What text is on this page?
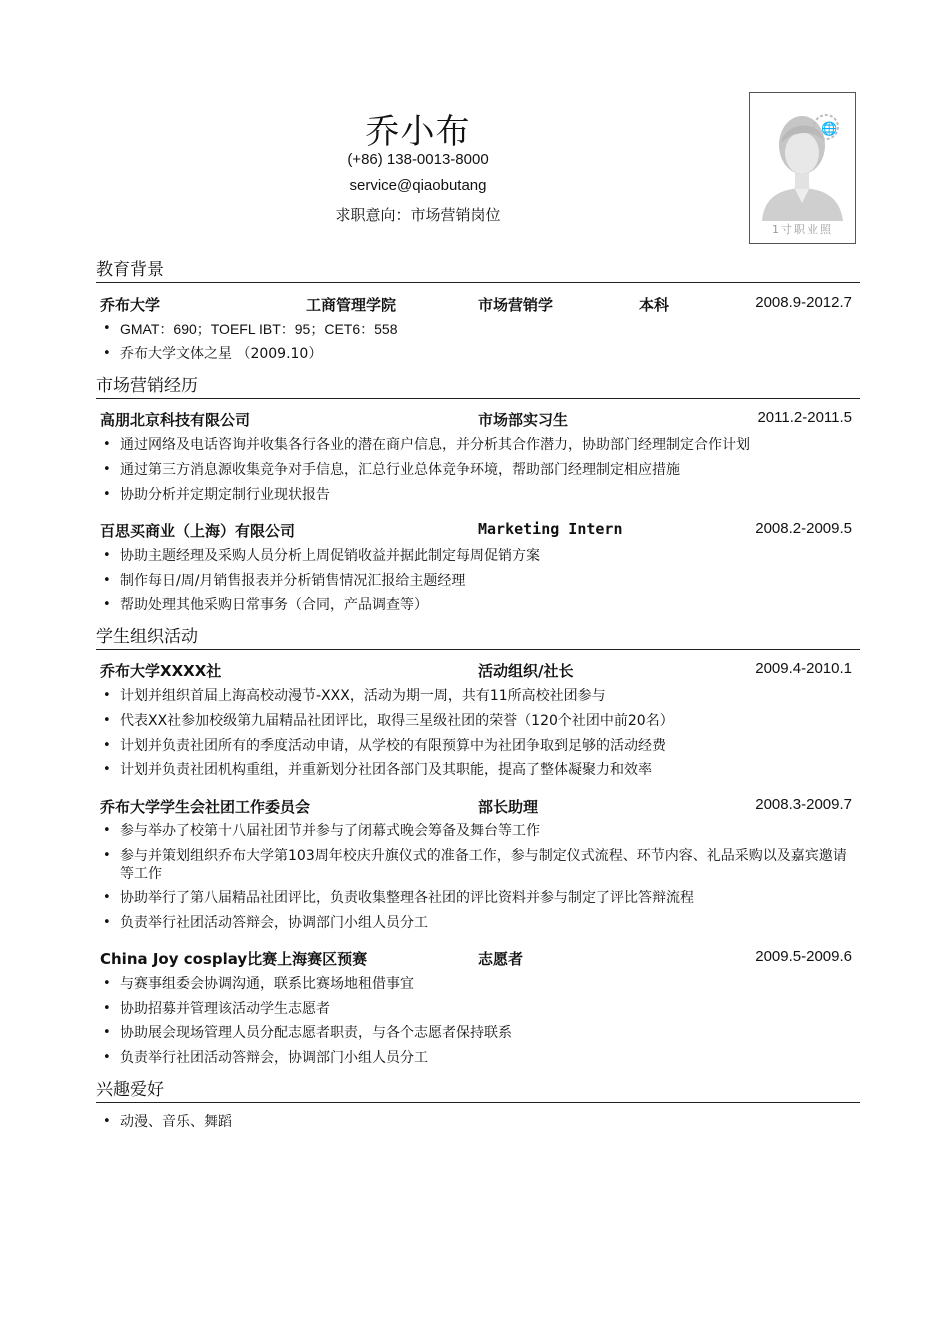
乔小布
(+86) 138-0013-8000
service@qiaobutang
求职意向：市场营销岗位
🌐
1寸职业照
教育背景
乔布大学	工商管理学院	市场营销学	本科	2008.9-2012.7
• GMAT：690；TOEFL IBT：95；CET6：558
• 乔布大学文体之星 （2009.10）
市场营销经历
高朋北京科技有限公司	市场部实习生	2011.2-2011.5
• 通过网络及电话咨询并收集各行各业的潜在商户信息，并分析其合作潜力，协助部门经理制定合作计划
• 通过第三方消息源收集竞争对手信息，汇总行业总体竞争环境，帮助部门经理制定相应措施
• 协助分析并定期定制行业现状报告
百思买商业（上海）有限公司	Marketing Intern	2008.2-2009.5
• 协助主题经理及采购人员分析上周促销收益并据此制定每周促销方案
• 制作每日/周/月销售报表并分析销售情况汇报给主题经理
• 帮助处理其他采购日常事务（合同，产品调查等）
学生组织活动
乔布大学XXXX社	活动组织/社长	2009.4-2010.1
• 计划并组织首届上海高校动漫节-XXX，活动为期一周，共有11所高校社团参与
• 代表XX社参加校级第九届精品社团评比，取得三星级社团的荣誉（120个社团中前20名）
• 计划并负责社团所有的季度活动申请，从学校的有限预算中为社团争取到足够的活动经费
• 计划并负责社团机构重组，并重新划分社团各部门及其职能，提高了整体凝聚力和效率
乔布大学学生会社团工作委员会	部长助理	2008.3-2009.7
• 参与举办了校第十八届社团节并参与了闭幕式晚会筹备及舞台等工作
• 参与并策划组织乔布大学第103周年校庆升旗仪式的准备工作，参与制定仪式流程、环节内容、礼品采购以及嘉宾邀请等工作
• 协助举行了第八届精品社团评比，负责收集整理各社团的评比资料并参与制定了评比答辩流程
• 负责举行社团活动答辩会，协调部门小组人员分工
China Joy cosplay比赛上海赛区预赛	志愿者	2009.5-2009.6
• 与赛事组委会协调沟通，联系比赛场地租借事宜
• 协助招募并管理该活动学生志愿者
• 协助展会现场管理人员分配志愿者职责，与各个志愿者保持联系
• 负责举行社团活动答辩会，协调部门小组人员分工
兴趣爱好
• 动漫、音乐、舞蹈
